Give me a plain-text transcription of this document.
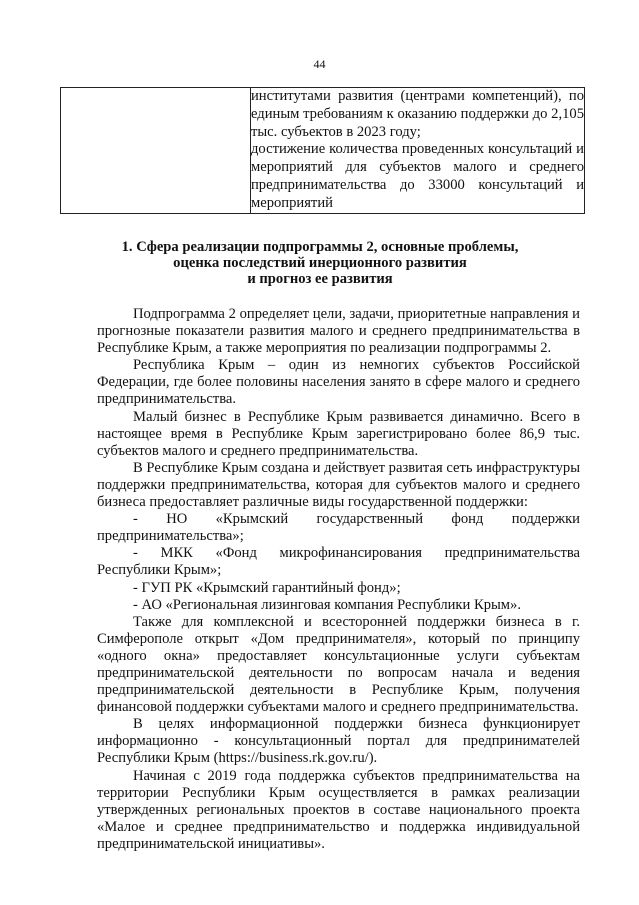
44

институтами развития (центрами компетенций), по единым требованиям к оказанию поддержки до 2,105 тыс. субъектов в 2023 году;

достижение количества проведенных консультаций и мероприятий для субъектов малого и среднего предпринимательства до 33000 консультаций и мероприятий

1. Сфера реализации подпрограммы 2, основные проблемы,
оценка последствий инерционного развития
и прогноз ее развития

Подпрограмма 2 определяет цели, задачи, приоритетные направления и прогнозные показатели развития малого и среднего предпринимательства в Республике Крым, а также мероприятия по реализации подпрограммы 2.

Республика Крым – один из немногих субъектов Российской Федерации, где более половины населения занято в сфере малого и среднего предпринимательства.

Малый бизнес в Республике Крым развивается динамично. Всего в настоящее время в Республике Крым зарегистрировано более 86,9 тыс. субъектов малого и среднего предпринимательства.

В Республике Крым создана и действует развитая сеть инфраструктуры поддержки предпринимательства, которая для субъектов малого и среднего бизнеса предоставляет различные виды государственной поддержки:

- НО «Крымский государственный фонд поддержки предпринимательства»;

- МКК «Фонд микрофинансирования предпринимательства Республики Крым»;

- ГУП РК «Крымский гарантийный фонд»;

- АО «Региональная лизинговая компания Республики Крым».

Также для комплексной и всесторонней поддержки бизнеса в г. Симферополе открыт «Дом предпринимателя», который по принципу «одного окна» предоставляет консультационные услуги субъектам предпринимательской деятельности по вопросам начала и ведения предпринимательской деятельности в Республике Крым, получения финансовой поддержки субъектами малого и среднего предпринимательства.

В целях информационной поддержки бизнеса функционирует информационно - консультационный портал для предпринимателей Республики Крым (https://business.rk.gov.ru/).

Начиная с 2019 года поддержка субъектов предпринимательства на территории Республики Крым осуществляется в рамках реализации утвержденных региональных проектов в составе национального проекта «Малое и среднее предпринимательство и поддержка индивидуальной предпринимательской инициативы».
